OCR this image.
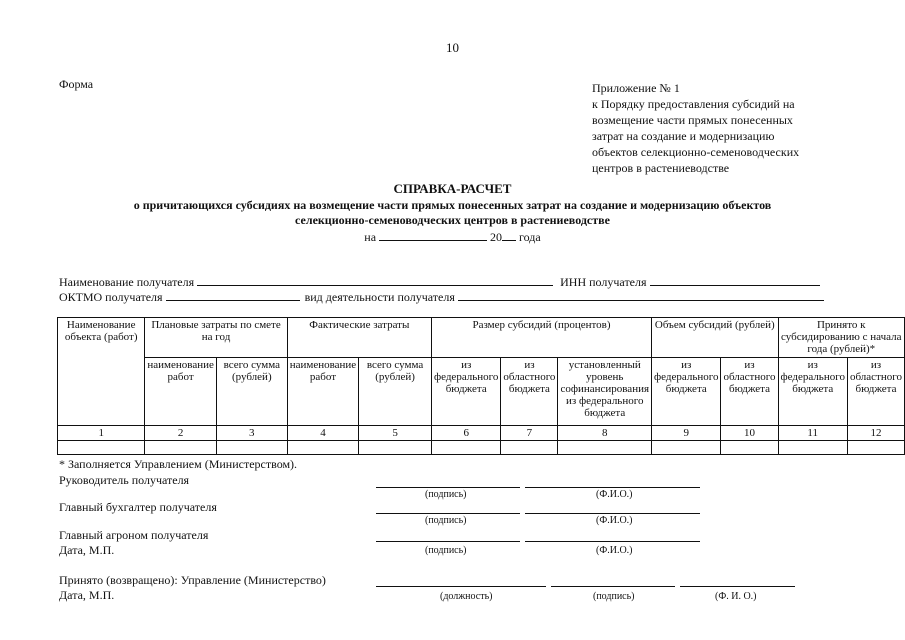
10
Форма	Приложение № 1
к Порядку предоставления субсидий на
возмещение части прямых понесенных
затрат на создание и модернизацию
объектов селекционно-семеноводческих
центров в растениеводстве
СПРАВКА-РАСЧЕТ
о причитающихся субсидиях на возмещение части прямых понесенных затрат на создание и модернизацию объектов
селекционно-семеноводческих центров в растениеводстве
на	20 года
Наименование получателя	ИНН получателя
ОКТМО получателя	вид деятельности получателя
Наименование объекта (работ)	Плановые затраты по смете на год		Фактические затраты		Размер субсидий (процентов)			Объем субсидий (рублей)		Принято к субсидированию с начала года (рублей)*	
	наименование работ	всего сумма (рублей)	наименование работ	всего сумма (рублей)	из федерального бюджета	из областного бюджета	установленный уровень софинансирования из федерального бюджета	из федерального бюджета	из областного бюджета	из федерального бюджета	из областного бюджета
1	2	3	4	5	6	7	8	9	10	11	12

* Заполняется Управлением (Министерством).
Руководитель получателя
(подпись)	(Ф.И.О.)
Главный бухгалтер получателя
(подпись)	(Ф.И.О.)
Главный агроном получателя
Дата, М.П.	(подпись)	(Ф.И.О.)
Принято (возвращено): Управление (Министерство)
Дата, М.П.	(должность)	(подпись)	(Ф. И. О.)
